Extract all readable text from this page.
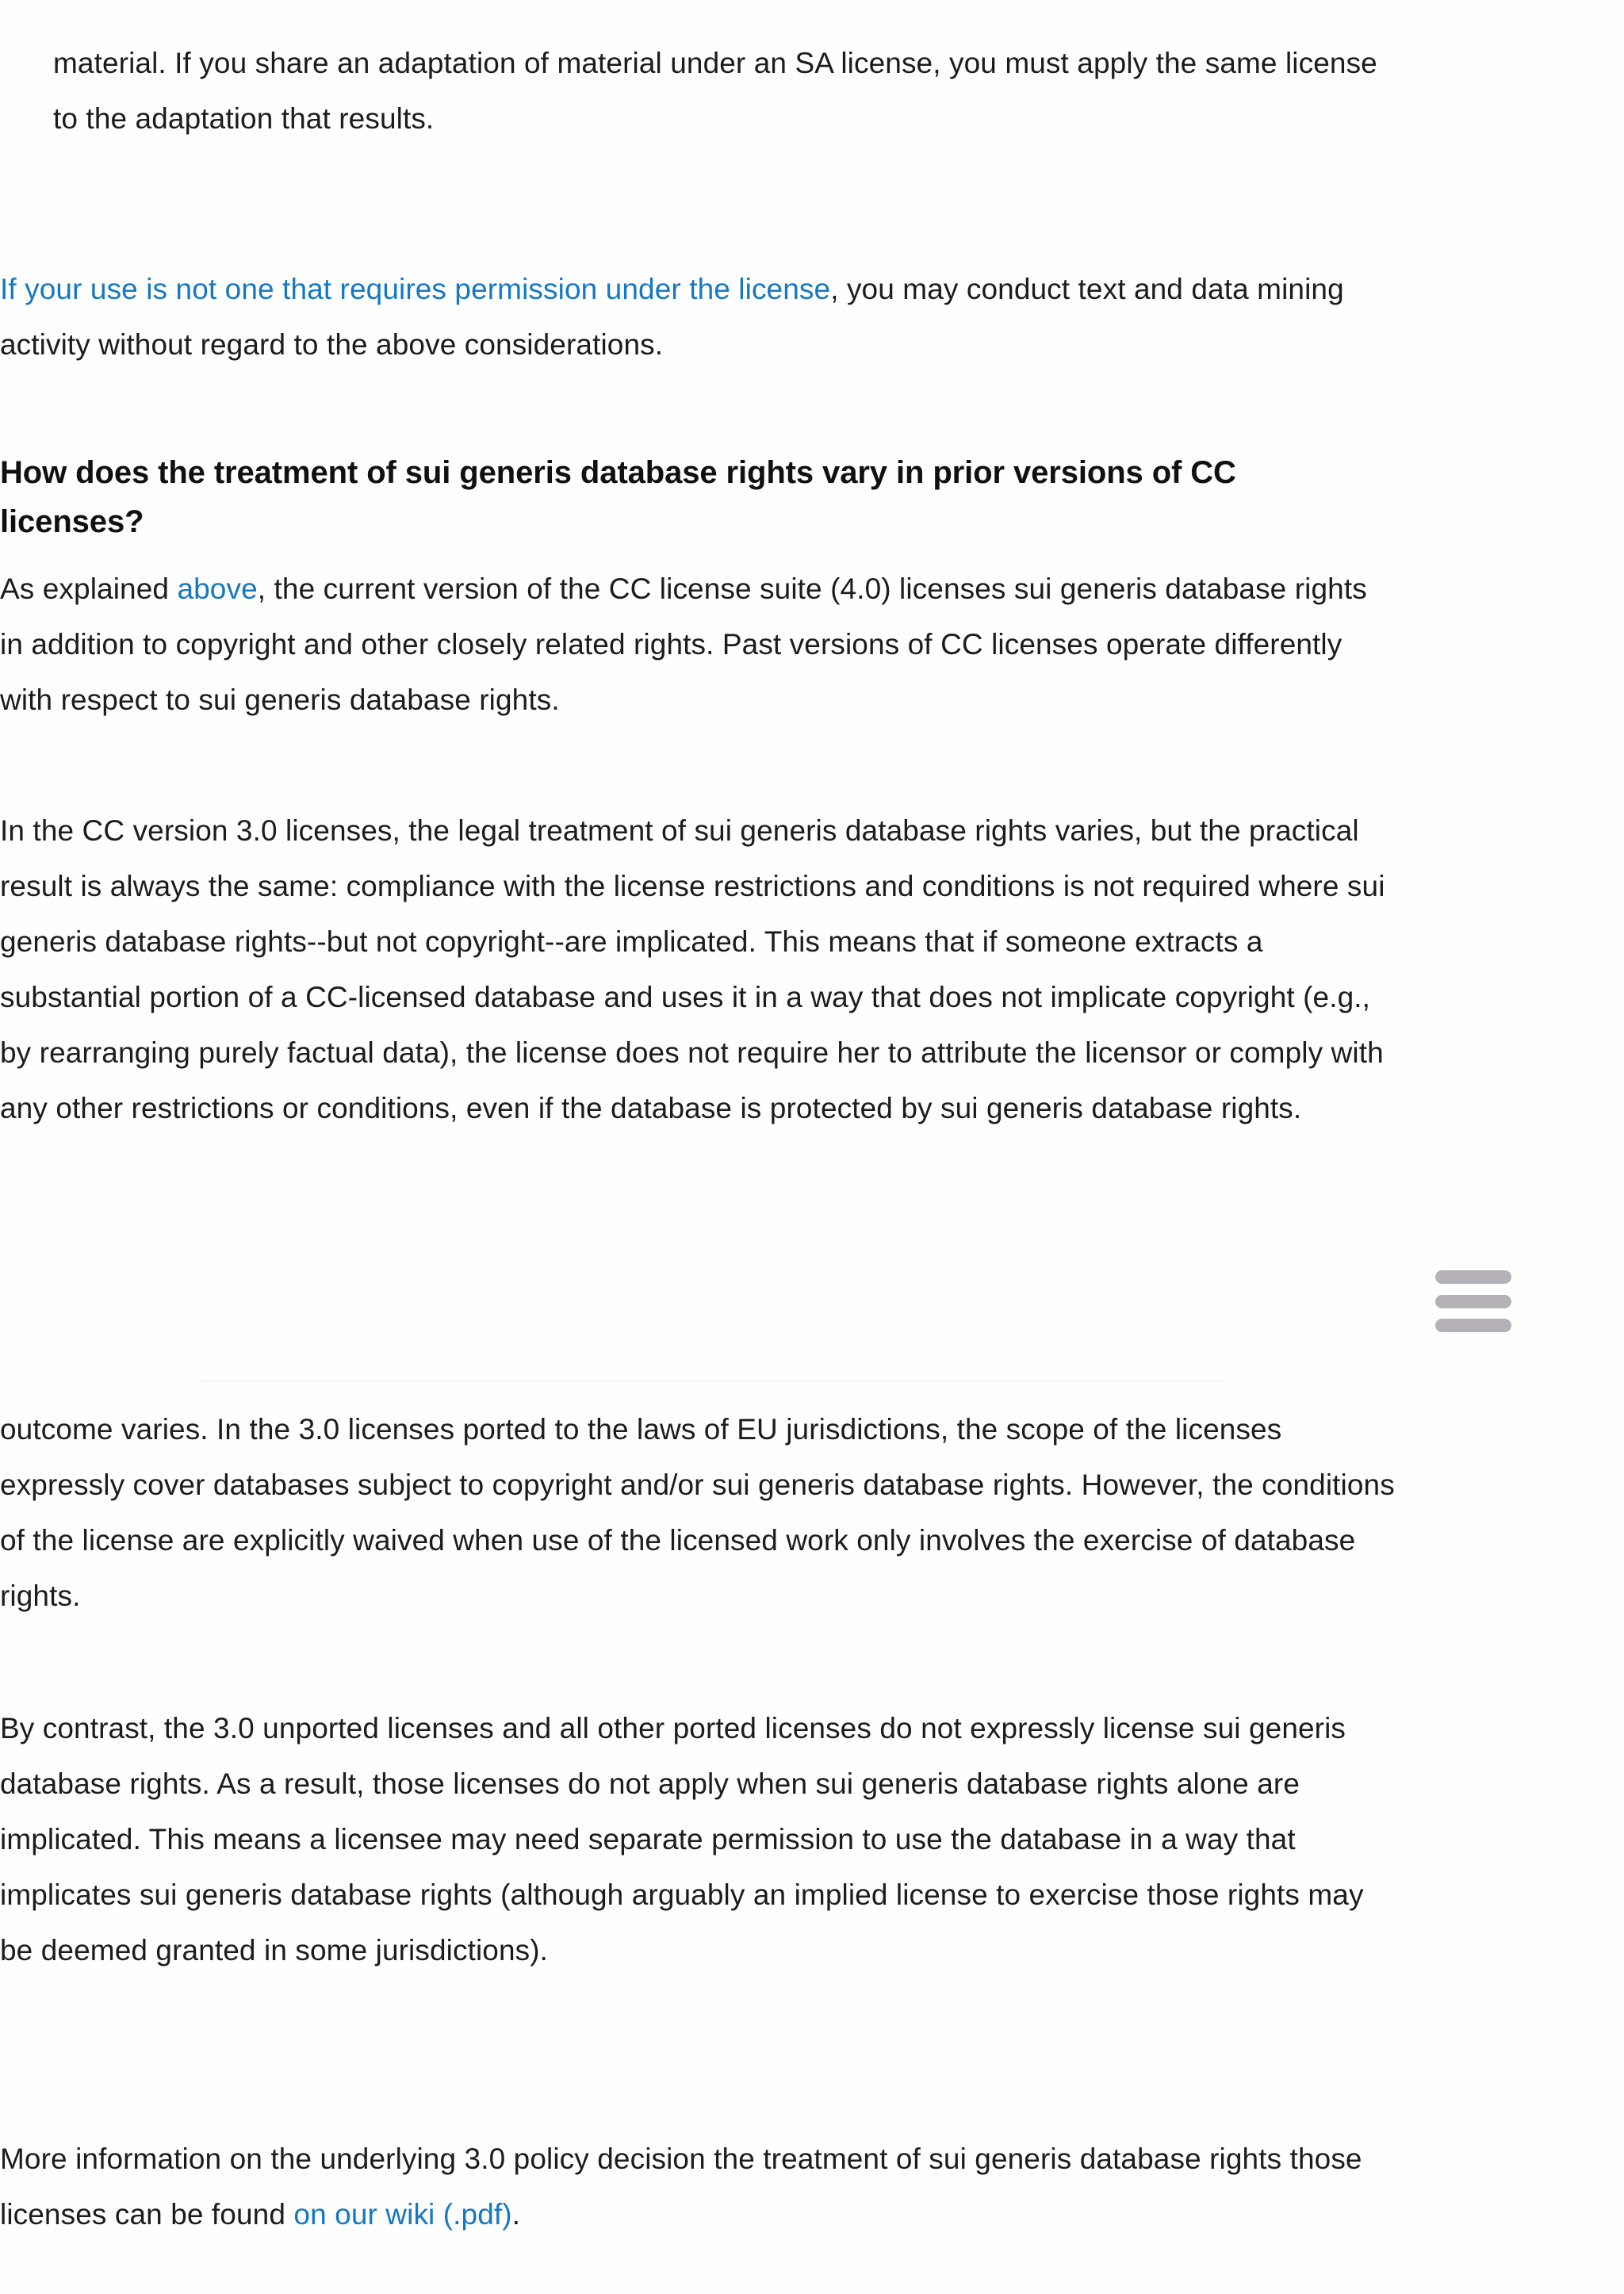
material. If you share an adaptation of material under an SA license, you must apply the same license to the adaptation that results.

If your use is not one that requires permission under the license, you may conduct text and data mining activity without regard to the above considerations.

How does the treatment of sui generis database rights vary in prior versions of CC licenses?

As explained above, the current version of the CC license suite (4.0) licenses sui generis database rights in addition to copyright and other closely related rights. Past versions of CC licenses operate differently with respect to sui generis database rights.

In the CC version 3.0 licenses, the legal treatment of sui generis database rights varies, but the practical result is always the same: compliance with the license restrictions and conditions is not required where sui generis database rights--but not copyright--are implicated. This means that if someone extracts a substantial portion of a CC-licensed database and uses it in a way that does not implicate copyright (e.g., by rearranging purely factual data), the license does not require her to attribute the licensor or comply with any other restrictions or conditions, even if the database is protected by sui generis database rights.

outcome varies. In the 3.0 licenses ported to the laws of EU jurisdictions, the scope of the licenses expressly cover databases subject to copyright and/or sui generis database rights. However, the conditions of the license are explicitly waived when use of the licensed work only involves the exercise of database rights.

By contrast, the 3.0 unported licenses and all other ported licenses do not expressly license sui generis database rights. As a result, those licenses do not apply when sui generis database rights alone are implicated. This means a licensee may need separate permission to use the database in a way that implicates sui generis database rights (although arguably an implied license to exercise those rights may be deemed granted in some jurisdictions).

More information on the underlying 3.0 policy decision the treatment of sui generis database rights those licenses can be found on our wiki (.pdf).
